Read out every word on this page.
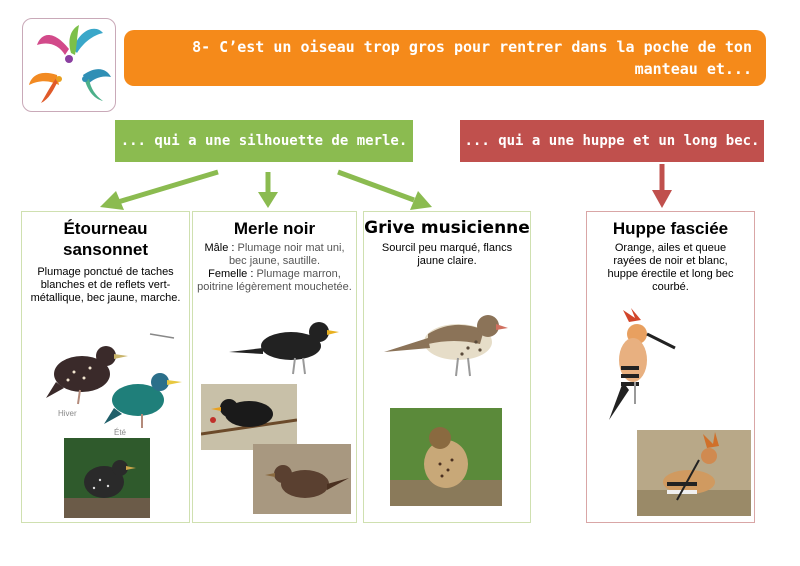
8- C’est un oiseau trop gros pour rentrer dans la poche de ton manteau et...
... qui a une silhouette de merle.	... qui a une huppe et un long bec.
Étourneau sansonnet
Plumage ponctué de taches blanches et de reflets vert-métallique, bec jaune, marche.
Hiver
Été
Merle noir
Mâle : Plumage noir mat uni, bec jaune, sautille.
Femelle : Plumage marron, poitrine légèrement mouchetée.
Grive musicienne
Sourcil peu marqué, flancs jaune claire.
Huppe fasciée
Orange, ailes et queue rayées de noir et blanc, huppe érectile et long bec courbé.
